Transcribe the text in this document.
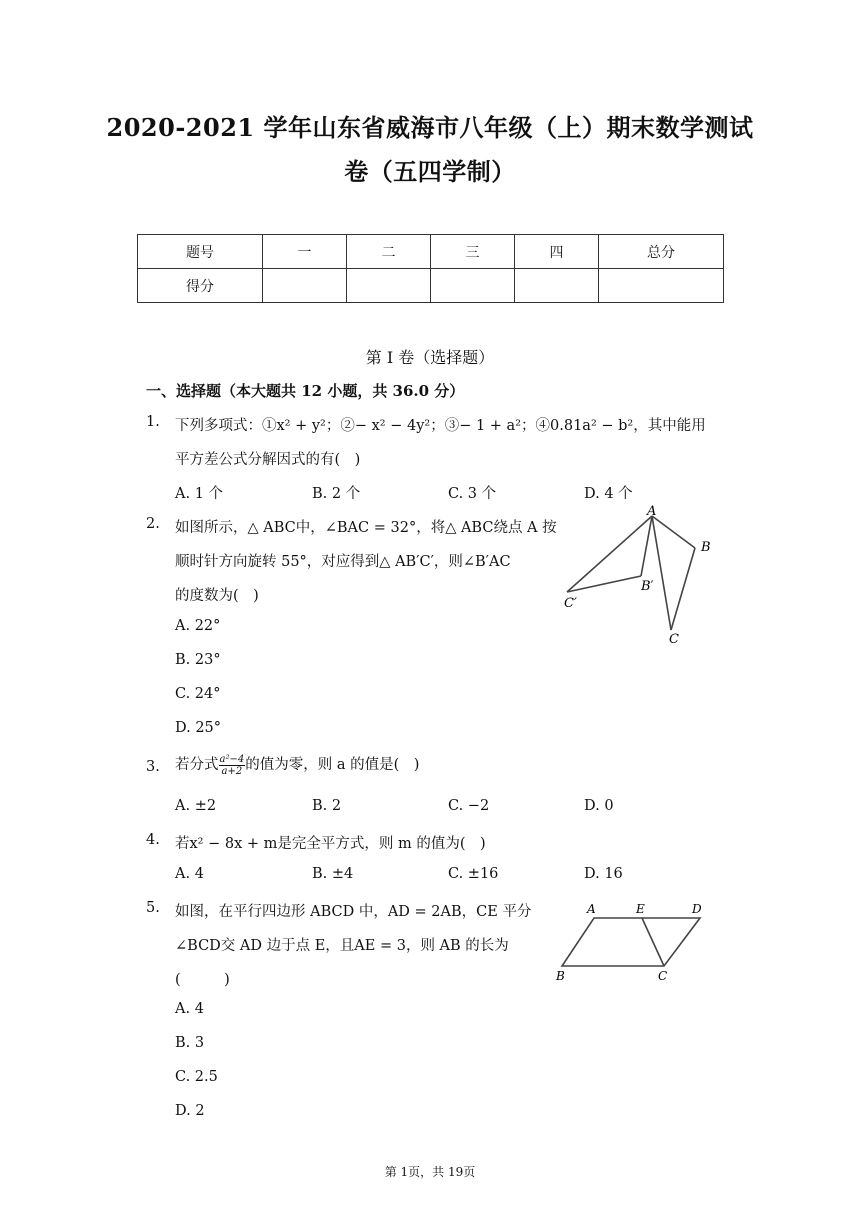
2020-2021 学年山东省威海市八年级（上）期末数学测试
卷（五四学制）
题号	一	二	三	四	总分
得分					
第 I 卷（选择题）
一、选择题（本大题共 12 小题，共 36.0 分）
1. 下列多项式：①x² + y²；②− x² − 4y²；③− 1 + a²；④0.81a² − b²，其中能用
平方差公式分解因式的有(　)
A. 1 个	B. 2 个	C. 3 个	D. 4 个
2. 如图所示，△ ABC中，∠BAC = 32°，将△ ABC绕点 A 按
顺时针方向旋转 55°，对应得到△ AB′C′，则∠B′AC
的度数为(　)
A. 22°
B. 23°
C. 24°
D. 25°
A
B
B′
C
C′
3. 若分式 $\frac{\text{a²−4}}{a+2}$ 的值为零，则 a 的值是(　)
A. ±2	B. 2	C. −2	D. 0
4. 若x² − 8x + m是完全平方式，则 m 的值为(　)
A. 4	B. ±4	C. ±16	D. 16
5. 如图，在平行四边形 ABCD 中，AD = 2AB，CE 平分
∠BCD交 AD 边于点 E，且AE = 3，则 AB 的长为
(　　　)
A. 4
B. 3
C. 2.5
D. 2
A	E	D
B	C
第 1页，共 19页
